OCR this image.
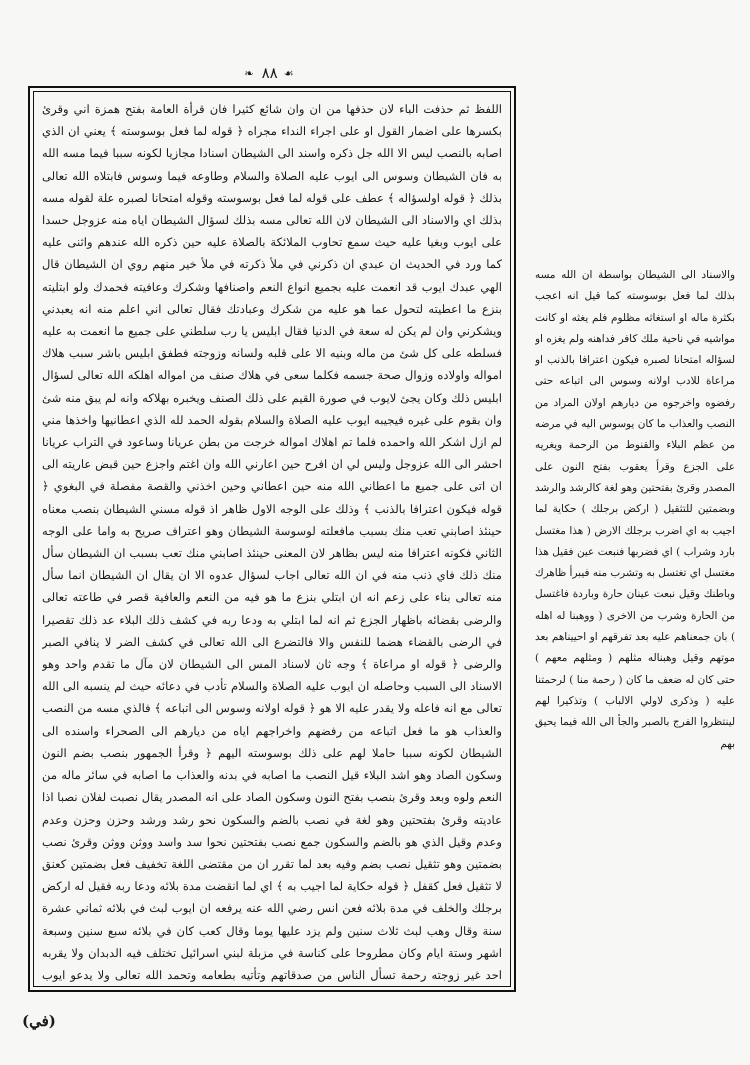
❧ ٨٨ ☙

اللفظ ثم حذفت الباء لان حذفها من ان وان شائع كثيرا فان قرأة العامة بفتح همزة اني وقرئ بكسرها على اضمار القول او على اجراء النداء مجراه ﴿ قوله لما فعل بوسوسته ﴾ يعني ان الذي اصابه بالنصب ليس الا الله جل ذكره واسند الى الشيطان اسنادا مجازيا لكونه سببا فيما مسه الله به فان الشيطان وسوس الى ايوب عليه الصلاة والسلام وطاوعه فيما وسوس فابتلاه الله تعالى بذلك ﴿ قوله اولسؤاله ﴾ عطف على قوله لما فعل بوسوسته وقوله امتحانا لصبره علة لقوله مسه بذلك اي والاسناد الى الشيطان لان الله تعالى مسه بذلك لسؤال الشيطان اياه منه عزوجل حسدا على ايوب وبغيا عليه حيث سمع تحاوب الملائكة بالصلاة عليه حين ذكره الله عندهم واثنى عليه كما ورد في الحديث ان عبدي ان ذكرني في ملأ ذكرته في ملأ خير منهم روي ان الشيطان قال الهي عبدك ايوب قد انعمت عليه بجميع انواع النعم واصنافها وشكرك وعافيته فحمدك ولو ابتليته بنزع ما اعطيته لتحول عما هو عليه من شكرك وعبادتك فقال تعالى اني اعلم منه انه يعبدني ويشكرني وان لم يكن له سعة في الدنيا فقال ابليس يا رب سلطني على جميع ما انعمت به عليه فسلطه على كل شئ من ماله وبنيه الا على قلبه ولسانه وزوجته فطفق ابليس باشر سبب هلاك امواله واولاده وزوال صحة جسمه فكلما سعى في هلاك صنف من امواله اهلكه الله تعالى لسؤال ابليس ذلك وكان يجئ لايوب في صورة القيم على ذلك الصنف ويخبره بهلاكه وانه لم يبق منه شئ وان بقوم على غيره فيجيبه ايوب عليه الصلاة والسلام بقوله الحمد لله الذي اعطانيها واخذها مني لم ازل اشكر الله واحمده فلما تم اهلاك امواله خرجت من بطن عريانا وساعود في التراب عريانا احشر الى الله عزوجل وليس لي ان افرح حين اعارني الله وان اغتم واجزع حين قبض عاريته الى ان اتى على جميع ما اعطاني الله منه حين اعطاني وحين اخذني والقصة مفصلة في البغوي ﴿ قوله فيكون اعترافا بالذنب ﴾ وذلك على الوجه الاول ظاهر اذ قوله مسني الشيطان بنصب معناه حينئذ اصابني تعب منك بسبب مافعلته لوسوسة الشيطان وهو اعتراف صريح به واما على الوجه الثاني فكونه اعترافا منه ليس بظاهر لان المعنى حينئذ اصابني منك تعب بسبب ان الشيطان سأل منك ذلك فاي ذنب منه في ان الله تعالى اجاب لسؤال عدوه الا ان يقال ان الشيطان انما سأل منه تعالى بناء على زعم انه ان ابتلي بنزع ما هو فيه من النعم والعافية قصر في طاعته تعالى والرضى بقضائه باظهار الجزع ثم انه لما ابتلي به ودعا ربه في كشف ذلك البلاء عد ذلك تقصيرا في الرضى بالقضاء هضما للنفس والا فالتضرع الى الله تعالى في كشف الضر لا ينافي الصبر والرضى ﴿ قوله او مراعاة ﴾ وجه ثان لاسناد المس الى الشيطان لان مآل ما تقدم واحد وهو الاسناد الى السبب وحاصله ان ايوب عليه الصلاة والسلام تأدب في دعائه حيث لم ينسبه الى الله تعالى مع انه فاعله ولا يقدر عليه الا هو ﴿ قوله اولانه وسوس الى اتباعه ﴾ فالذي مسه من النصب والعذاب هو ما فعل اتباعه من رفضهم واخراجهم اياه من ديارهم الى الصحراء واسنده الى الشيطان لكونه سببا حاملا لهم على ذلك بوسوسته اليهم ﴿ وقرأ الجمهور بنصب بضم النون وسكون الصاد وهو اشد البلاء قيل النصب ما اصابه في بدنه والعذاب ما اصابه في سائر ماله من النعم ولوه وبعد وقرئ بنصب بفتح النون وسكون الصاد على انه المصدر يقال نصبت لفلان نصبا اذا عاديته وقرئ بفتحتين وهو لغة في نصب بالضم والسكون نحو رشد ورشد وحزن وحزن وعدم وعدم وقيل الذي هو بالضم والسكون جمع نصب بفتحتين نحوا سد واسد ووثن ووثن وقرئ نصب بضمتين وهو تثقيل نصب بضم وفيه بعد لما تقرر ان من مقتضى اللغة تخفيف فعل بضمتين كعنق لا تثقيل فعل كقفل ﴿ قوله حكاية لما اجيب به ﴾ اي لما انقضت مدة بلائه ودعا ربه فقيل له اركض برجلك والخلف في مدة بلائه فعن انس رضي الله عنه يرفعه ان ايوب لبث في بلائه ثماني عشرة سنة وقال وهب لبث ثلاث سنين ولم يزد عليها يوما وقال كعب كان في بلائه سبع سنين وسبعة اشهر وستة ايام وكان مطروحا على كناسة في مزبلة لبني اسرائيل تختلف فيه الدبدان ولا يقربه احد غير زوجته رحمة تسأل الناس من صدقاتهم وتأتيه بطعامه وتحمد الله تعالى ولا يدعو ايوب

والاسناد الى الشيطان بواسطة ان الله مسه بذلك لما فعل بوسوسته كما قيل انه اعجب بكثرة ماله او استغاثه مظلوم فلم يغثه او كانت مواشيه في ناحية ملك كافر فداهنه ولم يغزه او لسؤاله امتحانا لصبره فيكون اعترافا بالذنب او مراعاة للادب اولانه وسوس الى اتباعه حتى رفضوه واخرجوه من ديارهم اولان المراد من النصب والعذاب ما كان يوسوس اليه في مرضه من عظم البلاء والقنوط من الرحمة ويغريه على الجزع وقرأ يعقوب بفتح النون على المصدر وقرئ بفتحتين وهو لغة كالرشد والرشد وبضمتين للتثقيل ( اركض برجلك ) حكاية لما اجيب به اي اضرب برجلك الارض ( هذا مغتسل بارد وشراب ) اي فضربها فنبعت عين فقيل هذا مغتسل اي تغتسل به وتشرب منه فيبرأ ظاهرك وباطنك وقيل نبعت عينان حارة وباردة فاغتسل من الحارة وشرب من الاخرى ( ووهبنا له اهله ) بان جمعناهم عليه بعد تفرقهم او احييناهم بعد موتهم وقيل وهبناله مثلهم ( ومثلهم معهم ) حتى كان له ضعف ما كان ( رحمة منا ) لرحمتنا عليه ( وذكرى لاولي الالباب ) وتذكيرا لهم لينتظروا الفرج بالصبر والجأ الى الله فيما يحيق بهم

(في)
